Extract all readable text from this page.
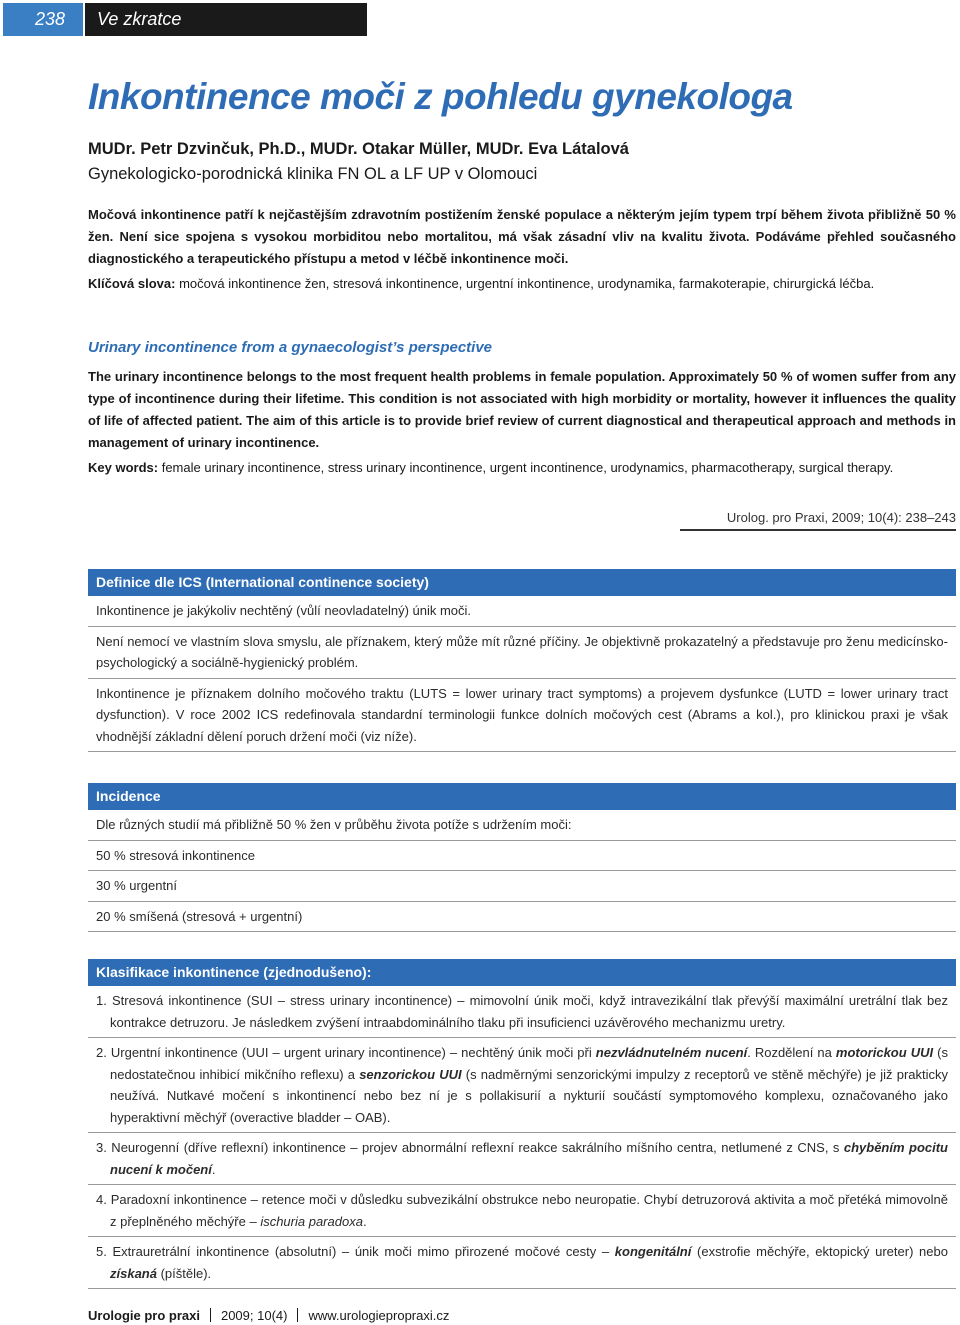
238	Ve zkratce
Inkontinence moči z pohledu gynekologa
MUDr. Petr Dzvinčuk, Ph.D., MUDr. Otakar Müller, MUDr. Eva Látalová
Gynekologicko-porodnická klinika FN OL a LF UP v Olomouci

Močová inkontinence patří k nejčastějším zdravotním postižením ženské populace a některým jejím typem trpí během života přibližně 50 % žen. Není sice spojena s vysokou morbiditou nebo mortalitou, má však zásadní vliv na kvalitu života. Podáváme přehled současného diagnostického a terapeutického přístupu a metod v léčbě inkontinence moči.

Klíčová slova: močová inkontinence žen, stresová inkontinence, urgentní inkontinence, urodynamika, farmakoterapie, chirurgická léčba.

Urinary incontinence from a gynaecologist’s perspective

The urinary incontinence belongs to the most frequent health problems in female population. Approximately 50 % of women suffer from any type of incontinence during their lifetime. This condition is not associated with high morbidity or mortality, however it influences the quality of life of affected patient. The aim of this article is to provide brief review of current diagnostical and therapeutical approach and methods in management of urinary incontinence.

Key words: female urinary incontinence, stress urinary incontinence, urgent incontinence, urodynamics, pharmacotherapy, surgical therapy.

Urolog. pro Praxi, 2009; 10(4): 238–243
Definice dle ICS (International continence society)
Inkontinence je jakýkoliv nechtěný (vůlí neovladatelný) únik moči.
Není nemocí ve vlastním slova smyslu, ale příznakem, který může mít různé příčiny. Je objektivně prokazatelný a představuje pro ženu medicínsko-psychologický a sociálně-hygienický problém.
Inkontinence je příznakem dolního močového traktu (LUTS = lower urinary tract symptoms) a projevem dysfunkce (LUTD = lower urinary tract dysfunction). V roce 2002 ICS redefinovala standardní terminologii funkce dolních močových cest (Abrams a kol.), pro klinickou praxi je však vhodnější základní dělení poruch držení moči (viz níže).
Incidence
Dle různých studií má přibližně 50 % žen v průběhu života potíže s udržením moči:
50 % stresová inkontinence
30 % urgentní
20 % smíšená (stresová + urgentní)
Klasifikace inkontinence (zjednodušeno):
1. Stresová inkontinence (SUI – stress urinary incontinence) – mimovolní únik moči, když intravezikální tlak převýší maximální uretrální tlak bez kontrakce detruzoru. Je následkem zvýšení intraabdominálního tlaku při insuficienci uzávěrového mechanizmu uretry.
2. Urgentní inkontinence (UUI – urgent urinary incontinence) – nechtěný únik moči při nezvládnutelném nucení. Rozdělení na motorickou UUI (s nedostatečnou inhibicí mikčního reflexu) a senzorickou UUI (s nadměrnými senzorickými impulzy z receptorů ve stěně měchýře) je již prakticky neužívá. Nutkavé močení s inkontinencí nebo bez ní je s pollakisurií a nykturií součástí symptomového komplexu, označovaného jako hyperaktivní měchýř (overactive bladder – OAB).
3. Neurogenní (dříve reflexní) inkontinence – projev abnormální reflexní reakce sakrálního míšního centra, netlumené z CNS, s chyběním pocitu nucení k močení.
4. Paradoxní inkontinence – retence moči v důsledku subvezikální obstrukce nebo neuropatie. Chybí detruzorová aktivita a moč přetéká mimovolně z přeplněného měchýře – ischuria paradoxa.
5. Extrauretrální inkontinence (absolutní) – únik moči mimo přirozené močové cesty – kongenitální (exstrofie měchýře, ektopický ureter) nebo získaná (píštěle).
Urologie pro praxi 2009; 10(4) www.urologiepropraxi.cz
